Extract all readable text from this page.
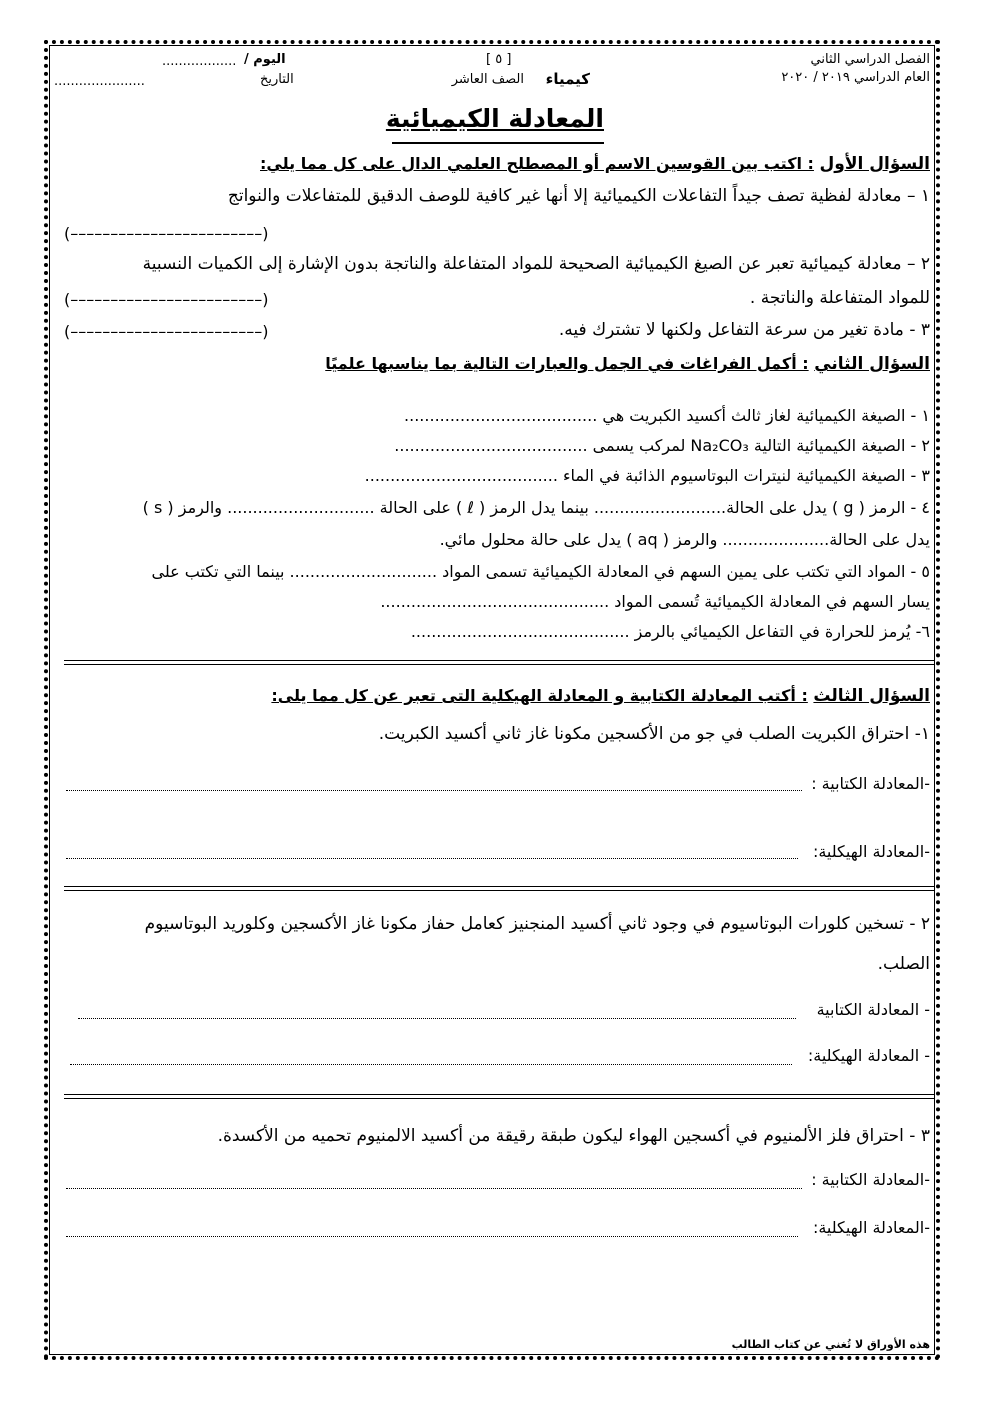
الفصل الدراسي الثاني
العام الدراسي ٢٠١٩ / ٢٠٢٠
[ ٥ ]
كيمياء
الصف العاشر
اليوم /
..................
التاريخ
......................
المعادلة الكيميائية
السؤال الأول : اكتب بين القوسين الاسم أو المصطلح العلمي الدال على كل مما يلي:
١ – معادلة لفظية تصف جيداً التفاعلات الكيميائية إلا أنها غير كافية للوصف الدقيق للمتفاعلات والنواتج
(––––––––––––––––––––––––)
٢ – معادلة كيميائية تعبر عن الصيغ الكيميائية الصحيحة للمواد المتفاعلة والناتجة بدون الإشارة إلى الكميات النسبية
للمواد المتفاعلة والناتجة .
(––––––––––––––––––––––––)
٣ - مادة تغير من سرعة التفاعل ولكنها لا تشترك فيه.
(––––––––––––––––––––––––)
السؤال الثاني : أكمل الفراغات في الجمل والعبارات التالية بما يناسبها علميًا
١ - الصيغة الكيميائية لغاز ثالث أكسيد الكبريت هي ......................................
٢ - الصيغة الكيميائية التالية Na₂CO₃ لمركب يسمى ......................................
٣ - الصيغة الكيميائية لنيترات البوتاسيوم الذائبة في الماء ......................................
٤ - الرمز ( g ) يدل على الحالة.......................... بينما يدل الرمز ( ℓ ) على الحالة ............................. والرمز ( s )
يدل على الحالة..................... والرمز ( aq ) يدل على حالة محلول مائي.
٥ - المواد التي تكتب على يمين السهم في المعادلة الكيميائية تسمى المواد ............................. بينما التي تكتب على
يسار السهم في المعادلة الكيميائية تُسمى المواد .............................................
٦- يُرمز للحرارة في التفاعل الكيميائي بالرمز ...........................................
السؤال الثالث : أكتب المعادلة الكتابية و المعادلة الهيكلية التى تعبر عن كل مما يلى:
١- احتراق الكبريت الصلب في جو من الأكسجين مكونا غاز ثاني أكسيد الكبريت.
-المعادلة الكتابية :
-المعادلة الهيكلية:
٢ - تسخين كلورات البوتاسيوم في وجود ثاني أكسيد المنجنيز كعامل حفاز مكونا غاز الأكسجين وكلوريد البوتاسيوم
الصلب.
- المعادلة الكتابية
- المعادلة الهيكلية:
٣ - احتراق فلز الألمنيوم في أكسجين الهواء ليكون طبقة رقيقة من أكسيد الالمنيوم تحميه من الأكسدة.
-المعادلة الكتابية :
-المعادلة الهيكلية:
هذه الأوراق لا تُغني عن كتاب الطالب
